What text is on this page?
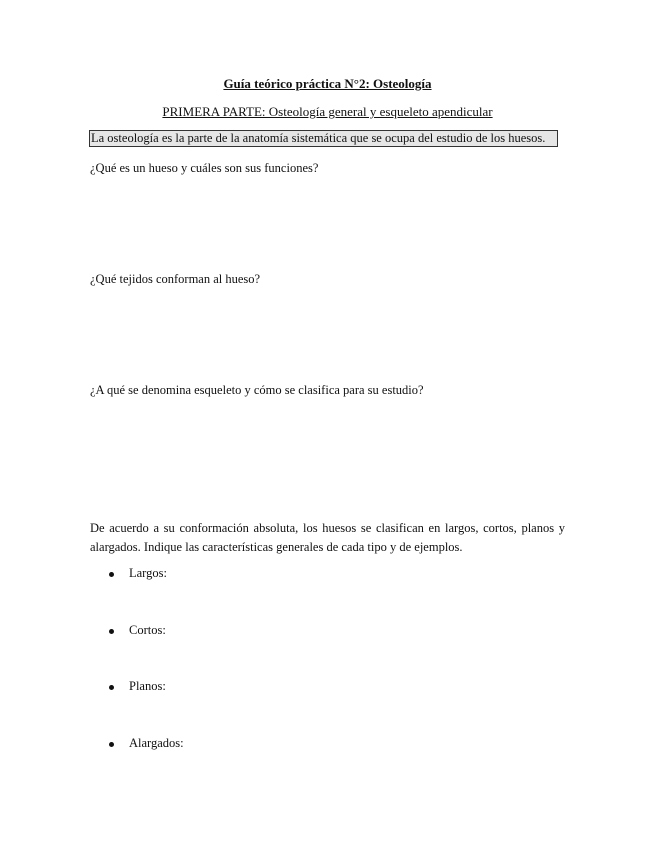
Guía teórico práctica N°2: Osteología
PRIMERA PARTE: Osteología general y esqueleto apendicular
La osteología es la parte de la anatomía sistemática que se ocupa del estudio de los huesos.
¿Qué es un hueso y cuáles son sus funciones?
¿Qué tejidos conforman al hueso?
¿A qué se denomina esqueleto y cómo se clasifica para su estudio?
De acuerdo a su conformación absoluta, los huesos se clasifican en largos, cortos, planos y alargados. Indique las características generales de cada tipo y de ejemplos.
Largos:
Cortos:
Planos:
Alargados:
